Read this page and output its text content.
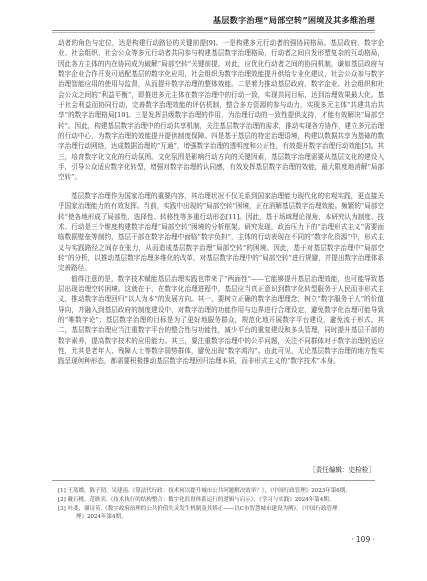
基层数字治理“局部空转”困境及其多维治理

动者的角色与定位，达是构建行动路径的关键前提[9]。一是构建多元行动者的强协同格局。基层政府、数字企业、社会组织、社会公众等多元行动者共同参与构建基层数字治理格局，行动者之间自发形塑复杂的互动格局，因此各方主体的内在协同成为破解“局部空转”关键前提。对此，应优化行动者之间的协同机制，谦如基层政府与数字企业合作开发可适配基层的数字化应用，社会组织为数字治理效能提升供给专业化建议，社会公众参与数字治理智能应用的使用与监督，从而提升数字治理的整体效能。二是着力推动基层政府、数字企业、社会组织和社会公众之间的“利益平衡”，即推进多元主体在数字治理中的行动一致，实现共同目标，达到治理效果最大化。基于社会利益而协同行动，完善数字治理效能的评估机制，整合多方资源的参与动力，实现多元主体“共建共治共享”的数字治理格局[10]。三是发挥县级数字治理的作用，为治理行动的一致性提供支持，才能有效解决“局部空转”。因此，构建基层数字治理中的行动共享机制，关注基层数字治理的需求，推动实现各方协作，建立多元治理的行动中心，为数字治理的效能提升提供制度保障。四是基于基层的特定治理语境，构建以数据共享为基础的数字治理行动网络，达成数据治理的“互通”，增强数字治理的透明度和公正性，有效提升数字治理行动效能[5]。其三，培育数字化文化的行动氛围。文化氛围是影响行动方向的关键因素，基层数字治理需要从基层文化的建设入手，引导公众适应数字化转型，增强对数字治理的认同感，有效发挥基层数字治理的效能，最大限度地消解“局部空转”。

基层数字治理作为国家治理的重要内容，其治理状况不仅关系到国家治理能力现代化的宏观实践，更直接关乎国家治理能力的有效发挥。当前，实践中出现的“局部空转”困境，正在消解基层数字治理效能。频繁的“局部空转”使各地形成了局部性、选择性、转移性等多重行动形态[11]。因此，基于场域理论视角，本研究认为制度、技术、行动是三个维度构建数字治理“局部空转”困境的分析框架。研究发现，政治压力下的“治理形式主义”需要面临数据壁垒等制约，基层干部在数字治理中面临“数字负担”，主体的行动表现在不同的“数字化资源”中，形式主义与实践路径之间存在张力，从而造成基层数字治理“局部空转”的困境。因此，基于对基层数字治理中“局部空转”的分析，以推动基层数字治理多维化的改革，对基层数字治理中的“局部空转”进行规避，并提出数字治理体系完善路径。

值得注意的是，数字技术赋能基层治理实践也带来了“两面性”——它能够提升基层治理效能，也可能导致基层出现治理空转困境。这就在于，在数字化治理进程中，基层应当真正意识到数字化转型服务于人民而非形式主义，推动数字治理回归“以人为本”的发展方向。其一，要树立正确的数字治理理念，树立“数字服务于人”的价值导向，并融入到基层政府的制度建设中，对数字治理的功能作用与边界进行合理设定，避免数字化治理可能导致的“唯数字论”；基层数字治理的目标是为了更好地服务群众，规范化地开展数字平台建设，避免流于形式。其二，基层数字治理应当注重数字平台的整合性与功能性，减少平台的重复建设和多头管理，同时提升基层干部的数字素养，提高数字技术的应用能力。其三，要注重数字治理中的公平问题，关注不同群体对于数字治理的适应性，尤其是老年人、残障人士等数字弱势群体，避免出现“数字鸿沟”。由此可见，无论基层数字治理的地方性实践呈现何种形态，都需要积极推动基层数字治理回归治理本质，而非形式主义的“数字技术”本身。

［责任编辑：史检检］

[1] 王蓝嫦，陈子韧，吴建南.《算法代行政：技术何以提升城市公共问题解决效率？》，《中国行政管理》2023年第6期。

[2] 戴石桃，范耿宾.《技术执行的结构整合：数字化监督体系运行的逻辑与启示》，《学习与实践》2024年第4期。

[3] 叶斐，谢诗英.《数字政府治理的公共价值失灵发生机制及其矫正——以C市智慧城市建设为例》，《中国行政管理

理》2024年第4期。

· 109 ·
